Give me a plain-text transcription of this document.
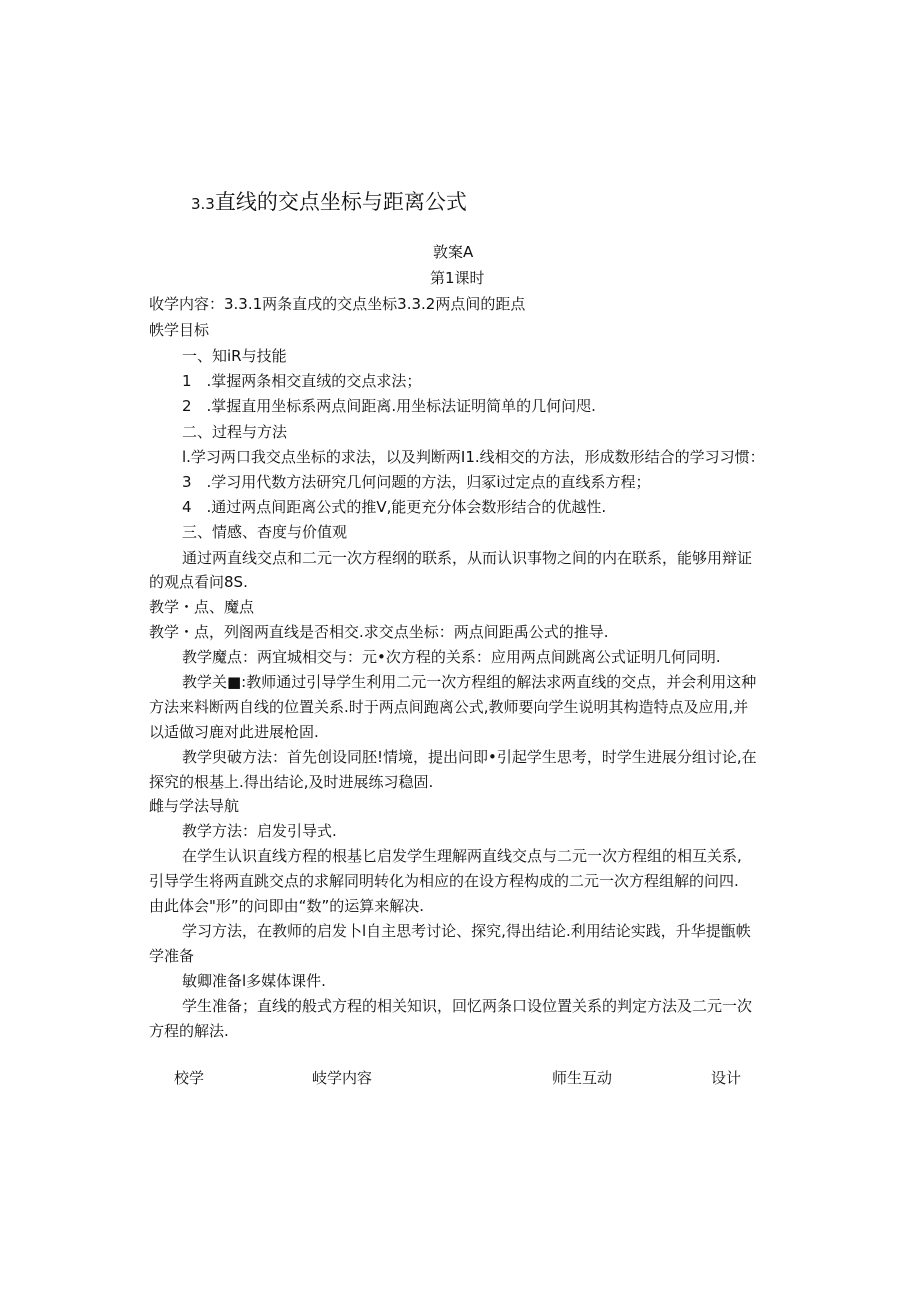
3.3直线的交点坐标与距离公式
敦案A
第1课时
收学内容：3.3.1两条直戌的交点坐标3.3.2两点间的距点
帙学目标
一、知iR与技能
1　.掌握两条相交直绒的交点求法；
2　.掌握直用坐标系两点间距离.用坐标法证明简单的几何问咫.
二、过程与方法
l.学习两口我交点坐标的求法，以及判断两I1.线相交的方法，形成数形结合的学习习惯：
3　.学习用代数方法研究几何问题的方法，归冢i过定点的直线系方程；
4　.通过两点间距离公式的推V,能更充分体会数形结合的优越性.
三、情感、杳度与价值观
通过两直线交点和二元一次方程纲的联系，从而认识事物之间的内在联系，能够用辩证
的观点看问8S.
教学・点、魔点
教学・点，列阁两直线是否相交.求交点坐标：两点间距禹公式的推导.
教学魔点：两宜城相交与：元•次方程的关系：应用两点间跳离公式证明几何同明.
教学关■:教师通过引导学生利用二元一次方程组的解法求两直线的交点，并会利用这种
方法来料断两自线的位置关系.时于两点间跑离公式,教师要向学生说明其构造特点及应用,并
以适做习鹿对此进展枪固.
教学臾破方法：首先创设同胚!情境，提出问即•引起学生思考，时学生进展分组讨论,在
探究的根基上.得出结论,及时进展练习稳固.
雌与学法导航
教学方法：启发引导式.
在学生认识直线方程的根基匕启发学生理解两直线交点与二元一次方程组的相互关系,
引导学生将两直跳交点的求解同明转化为相应的在设方程构成的二元一次方程组解的问四.
由此体会"形”的问即由“数”的运算来解决.
学习方法，在教师的启发卜l自主思考讨论、探究,得出结论.利用结论实践，升华提甑帙
学准备
敏卿准备l多媒体课件.
学生准备；直线的般式方程的相关知识，回忆两条口设位置关系的判定方法及二元一次
方程的解法.
校学	岐学内容	师生互动	设计
